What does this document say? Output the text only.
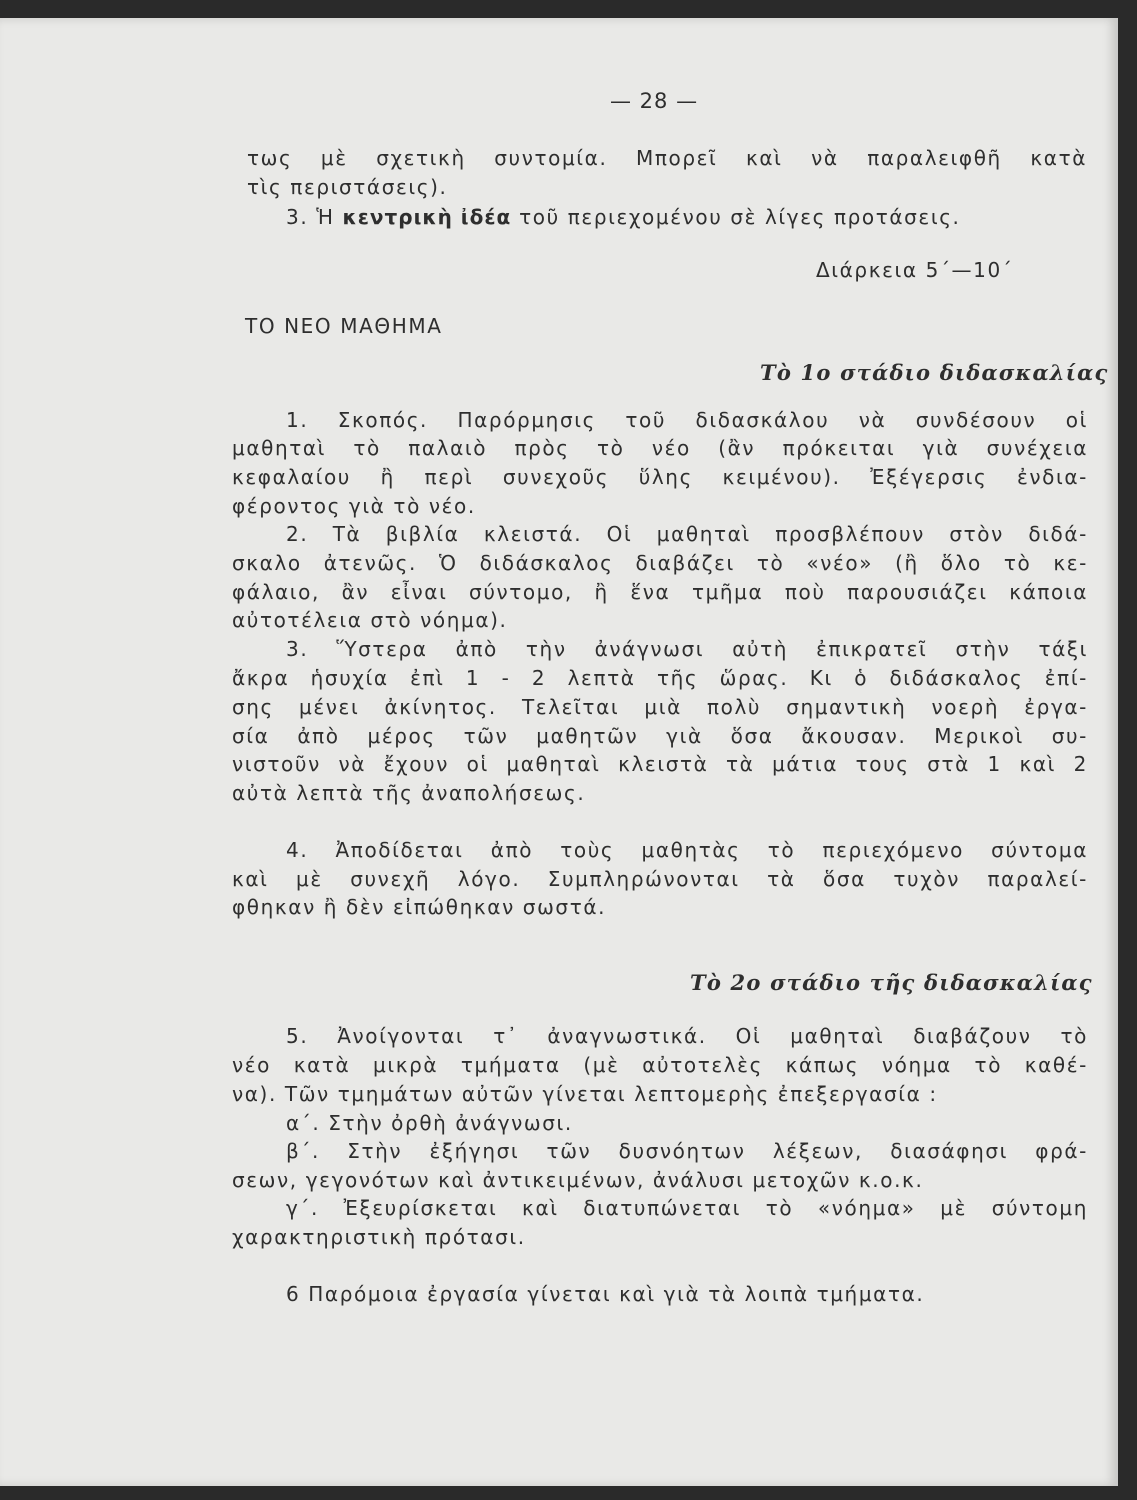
— 28 —
τως μὲ σχετικὴ συντομία. Μπορεῖ καὶ νὰ παραλειφθῆ κατὰ
τὶς περιστάσεις).
3. Ἡ κεντρικὴ ἰδέα τοῦ περιεχομένου σὲ λίγες προτάσεις.
Διάρκεια 5΄—10΄
ΤΟ ΝΕΟ ΜΑΘΗΜΑ
Τὸ 1ο στάδιο διδασκαλίας
1. Σκοπός. Παρόρμησις τοῦ διδασκάλου νὰ συνδέσουν οἱ
μαθηταὶ τὸ παλαιὸ πρὸς τὸ νέο (ἂν πρόκειται γιὰ συνέχεια
κεφαλαίου ἢ περὶ συνεχοῦς ὕλης κειμένου). Ἐξέγερσις ἐνδια-
φέροντος γιὰ τὸ νέο.
2. Τὰ βιβλία κλειστά. Οἱ μαθηταὶ προσβλέπουν στὸν διδά-
σκαλο ἀτενῶς. Ὁ διδάσκαλος διαβάζει τὸ «νέο» (ἢ ὅλο τὸ κε-
φάλαιο, ἂν εἶναι σύντομο, ἢ ἕνα τμῆμα ποὺ παρουσιάζει κάποια
αὐτοτέλεια στὸ νόημα).
3. Ὕστερα ἀπὸ τὴν ἀνάγνωσι αὐτὴ ἐπικρατεῖ στὴν τάξι
ἄκρα ἡσυχία ἐπὶ 1 - 2 λεπτὰ τῆς ὥρας. Κι ὁ διδάσκαλος ἐπί-
σης μένει ἀκίνητος. Τελεῖται μιὰ πολὺ σημαντικὴ νοερὴ ἐργα-
σία ἀπὸ μέρος τῶν μαθητῶν γιὰ ὅσα ἄκουσαν. Μερικοὶ συ-
νιστοῦν νὰ ἔχουν οἱ μαθηταὶ κλειστὰ τὰ μάτια τους στὰ 1 καὶ 2
αὐτὰ λεπτὰ τῆς ἀναπολήσεως.
4. Ἀποδίδεται ἀπὸ τοὺς μαθητὰς τὸ περιεχόμενο σύντομα
καὶ μὲ συνεχῆ λόγο. Συμπληρώνονται τὰ ὅσα τυχὸν παραλεί-
φθηκαν ἢ δὲν εἰπώθηκαν σωστά.
Τὸ 2ο στάδιο τῆς διδασκαλίας
5. Ἀνοίγονται τ᾽ ἀναγνωστικά. Οἱ μαθηταὶ διαβάζουν τὸ
νέο κατὰ μικρὰ τμήματα (μὲ αὐτοτελὲς κάπως νόημα τὸ καθέ-
να). Τῶν τμημάτων αὐτῶν γίνεται λεπτομερὴς ἐπεξεργασία :
α΄. Στὴν ὀρθὴ ἀνάγνωσι.
β΄. Στὴν ἐξήγησι τῶν δυσνόητων λέξεων, διασάφησι φρά-
σεων, γεγονότων καὶ ἀντικειμένων, ἀνάλυσι μετοχῶν κ.ο.κ.
γ΄. Ἐξευρίσκεται καὶ διατυπώνεται τὸ «νόημα» μὲ σύντομη
χαρακτηριστικὴ πρότασι.
6 Παρόμοια ἐργασία γίνεται καὶ γιὰ τὰ λοιπὰ τμήματα.
